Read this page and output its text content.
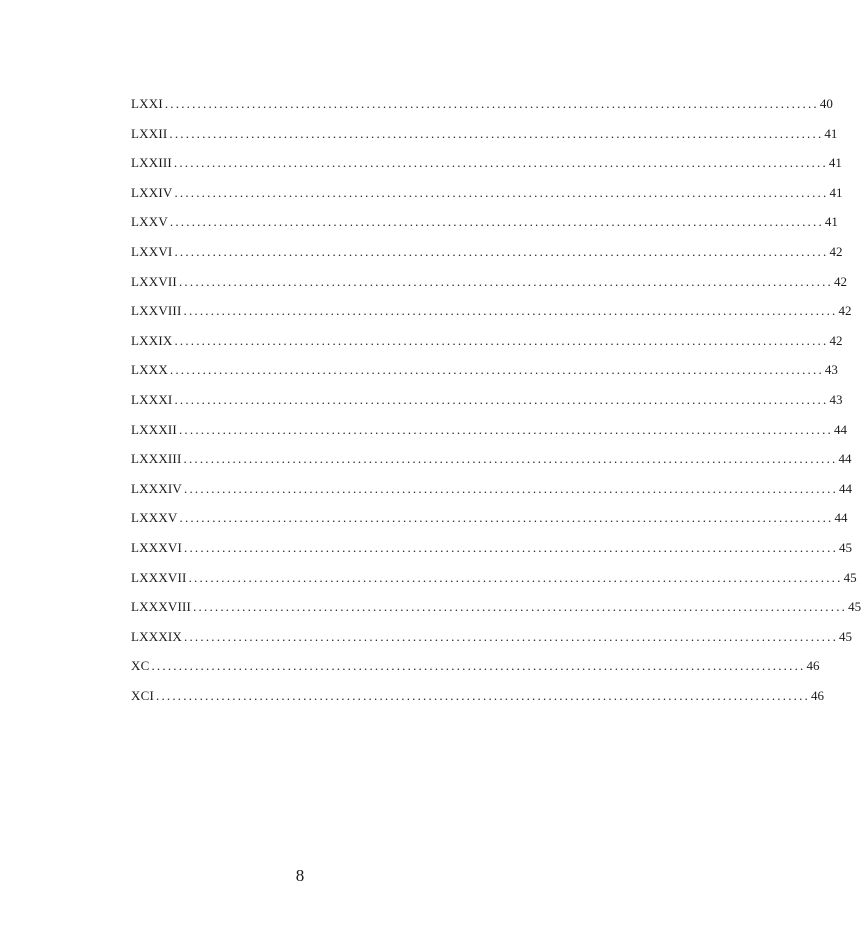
LXXI ........................................................................................................................ 40
LXXII ........................................................................................................................ 41
LXXIII ........................................................................................................................ 41
LXXIV ........................................................................................................................ 41
LXXV ........................................................................................................................ 41
LXXVI ........................................................................................................................ 42
LXXVII ........................................................................................................................ 42
LXXVIII ........................................................................................................................ 42
LXXIX ........................................................................................................................ 42
LXXX ........................................................................................................................ 43
LXXXI ........................................................................................................................ 43
LXXXII ........................................................................................................................ 44
LXXXIII ........................................................................................................................ 44
LXXXIV ........................................................................................................................ 44
LXXXV ........................................................................................................................ 44
LXXXVI ........................................................................................................................ 45
LXXXVII ........................................................................................................................ 45
LXXXVIII ........................................................................................................................ 45
LXXXIX ........................................................................................................................ 45
XC ........................................................................................................................ 46
XCI ........................................................................................................................ 46
8
